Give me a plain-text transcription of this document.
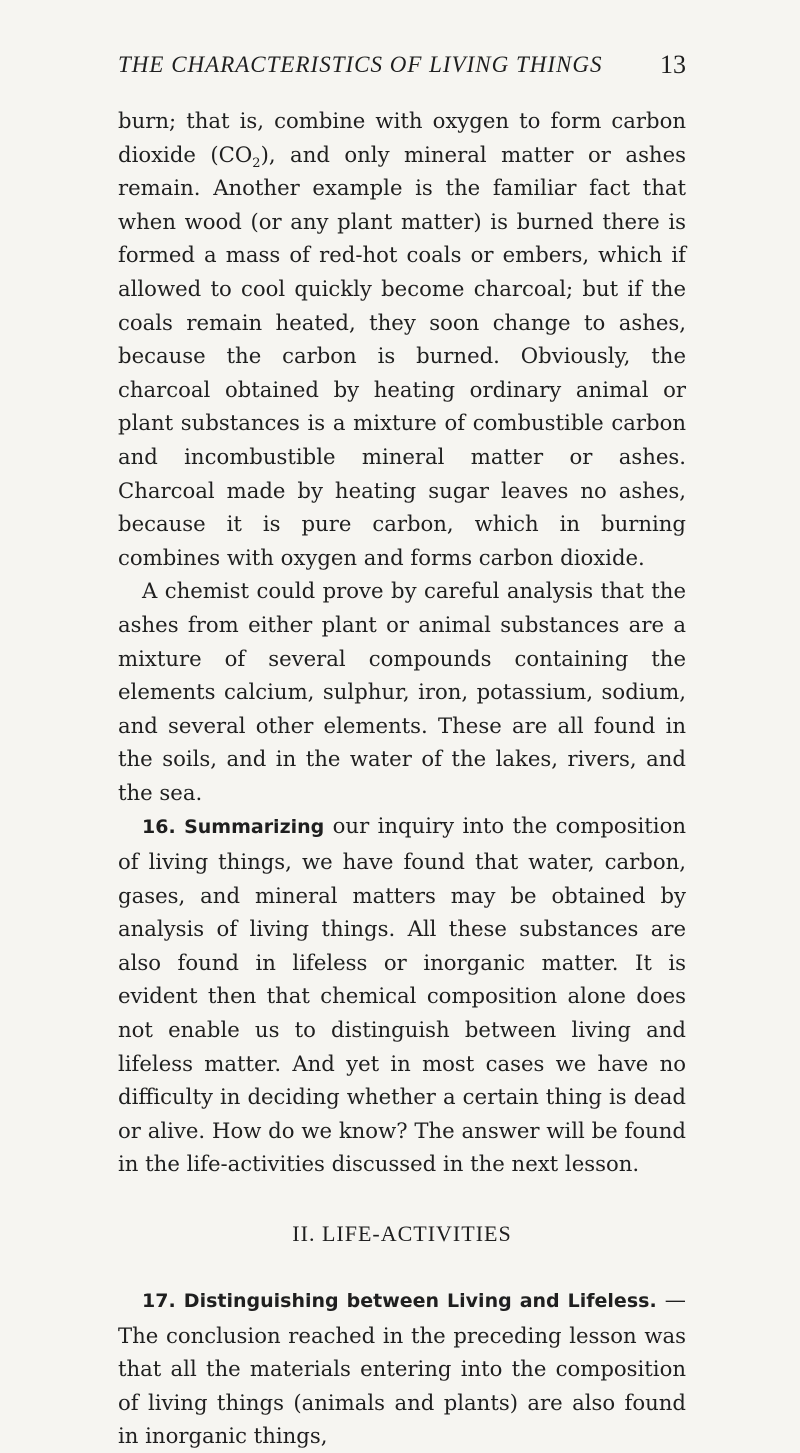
THE CHARACTERISTICS OF LIVING THINGS 13

burn; that is, combine with oxygen to form carbon dioxide $(CO_2)$, and only mineral matter or ashes remain. Another example is the familiar fact that when wood (or any plant matter) is burned there is formed a mass of red-hot coals or embers, which if allowed to cool quickly become charcoal; but if the coals remain heated, they soon change to ashes, because the carbon is burned. Obviously, the charcoal obtained by heating ordinary animal or plant substances is a mixture of combustible carbon and incombustible mineral matter or ashes. Charcoal made by heating sugar leaves no ashes, because it is pure carbon, which in burning combines with oxygen and forms carbon dioxide.

A chemist could prove by careful analysis that the ashes from either plant or animal substances are a mixture of several compounds containing the elements calcium, sulphur, iron, potassium, sodium, and several other elements. These are all found in the soils, and in the water of the lakes, rivers, and the sea.

16. Summarizing our inquiry into the composition of living things, we have found that water, carbon, gases, and mineral matters may be obtained by analysis of living things. All these substances are also found in lifeless or inorganic matter. It is evident then that chemical composition alone does not enable us to distinguish between living and lifeless matter. And yet in most cases we have no difficulty in deciding whether a certain thing is dead or alive. How do we know? The answer will be found in the life-activities discussed in the next lesson.

II. LIFE-ACTIVITIES

17. Distinguishing between Living and Lifeless. — The conclusion reached in the preceding lesson was that all the materials entering into the composition of living things (animals and plants) are also found in inorganic things,
